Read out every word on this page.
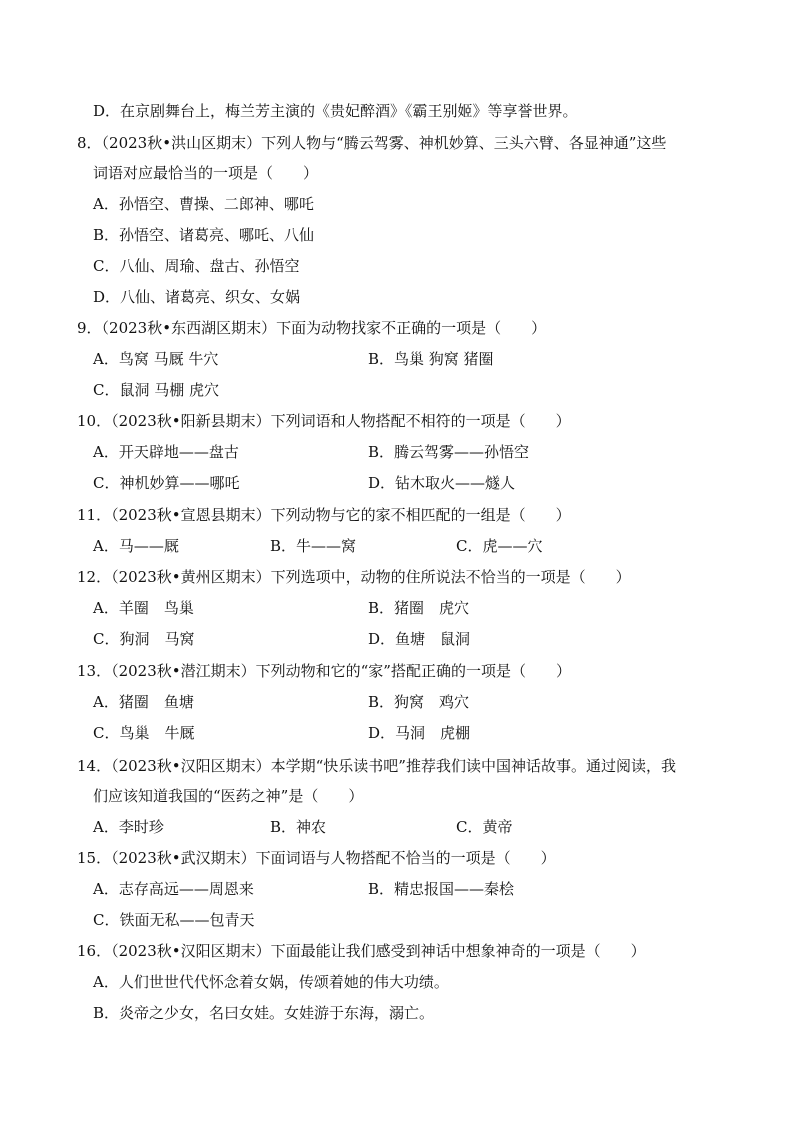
D．在京剧舞台上，梅兰芳主演的《贵妃醉酒》《霸王别姬》等享誉世界。
8．（2023秋•洪山区期末）下列人物与“腾云驾雾、神机妙算、三头六臂、各显神通”这些
词语对应最恰当的一项是（　　）
A．孙悟空、曹操、二郎神、哪吒
B．孙悟空、诸葛亮、哪吒、八仙
C．八仙、周瑜、盘古、孙悟空
D．八仙、诸葛亮、织女、女娲
9．（2023秋•东西湖区期末）下面为动物找家不正确的一项是（　　）
A．鸟窝 马厩 牛穴	B．鸟巢 狗窝 猪圈
C．鼠洞 马棚 虎穴
10．（2023秋•阳新县期末）下列词语和人物搭配不相符的一项是（　　）
A．开天辟地——盘古	B．腾云驾雾——孙悟空
C．神机妙算——哪吒	D．钻木取火——燧人
11．（2023秋•宣恩县期末）下列动物与它的家不相匹配的一组是（　　）
A．马——厩	B．牛——窝	C．虎——穴
12．（2023秋•黄州区期末）下列选项中，动物的住所说法不恰当的一项是（　　）
A．羊圈　鸟巢	B．猪圈　虎穴
C．狗洞　马窝	D．鱼塘　鼠洞
13．（2023秋•潜江期末）下列动物和它的“家”搭配正确的一项是（　　）
A．猪圈　鱼塘	B．狗窝　鸡穴
C．鸟巢　牛厩	D．马洞　虎棚
14．（2023秋•汉阳区期末）本学期“快乐读书吧”推荐我们读中国神话故事。通过阅读，我
们应该知道我国的“医药之神”是（　　）
A．李时珍	B．神农	C．黄帝
15．（2023秋•武汉期末）下面词语与人物搭配不恰当的一项是（　　）
A．志存高远——周恩来	B．精忠报国——秦桧
C．铁面无私——包青天
16．（2023秋•汉阳区期末）下面最能让我们感受到神话中想象神奇的一项是（　　）
A．人们世世代代怀念着女娲，传颂着她的伟大功绩。
B．炎帝之少女，名曰女娃。女娃游于东海，溺亡。
